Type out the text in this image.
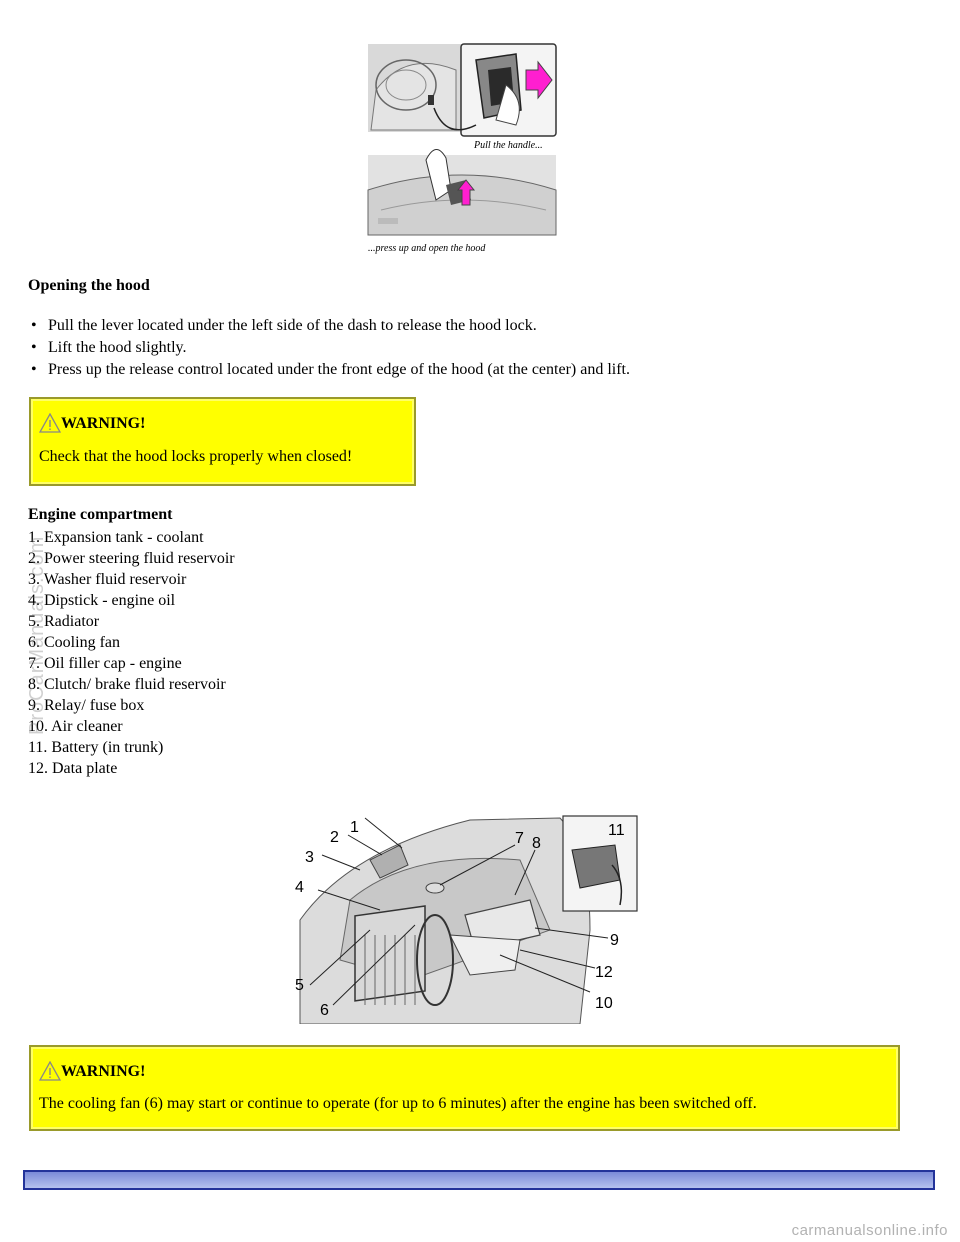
Pull the handle...
...press up and open the hood
Opening the hood
• Pull the lever located under the left side of the dash to release the hood lock.
• Lift the hood slightly.
• Press up the release control located under the front edge of the hood (at the center) and lift.
WARNING!
Check that the hood locks properly when closed!
Engine compartment
1. Expansion tank - coolant
2. Power steering fluid reservoir
3. Washer fluid reservoir
4. Dipstick - engine oil
5. Radiator
6. Cooling fan
7. Oil filler cap - engine
8. Clutch/ brake fluid reservoir
9. Relay/ fuse box
10. Air cleaner
11. Battery (in trunk)
12. Data plate
1
2
3
4
5
6
7 8
9
10
11
12
WARNING!
The cooling fan (6) may start or continue to operate (for up to 6 minutes) after the engine has been switched off.
ProCarManuals.com
carmanualsonline.info
